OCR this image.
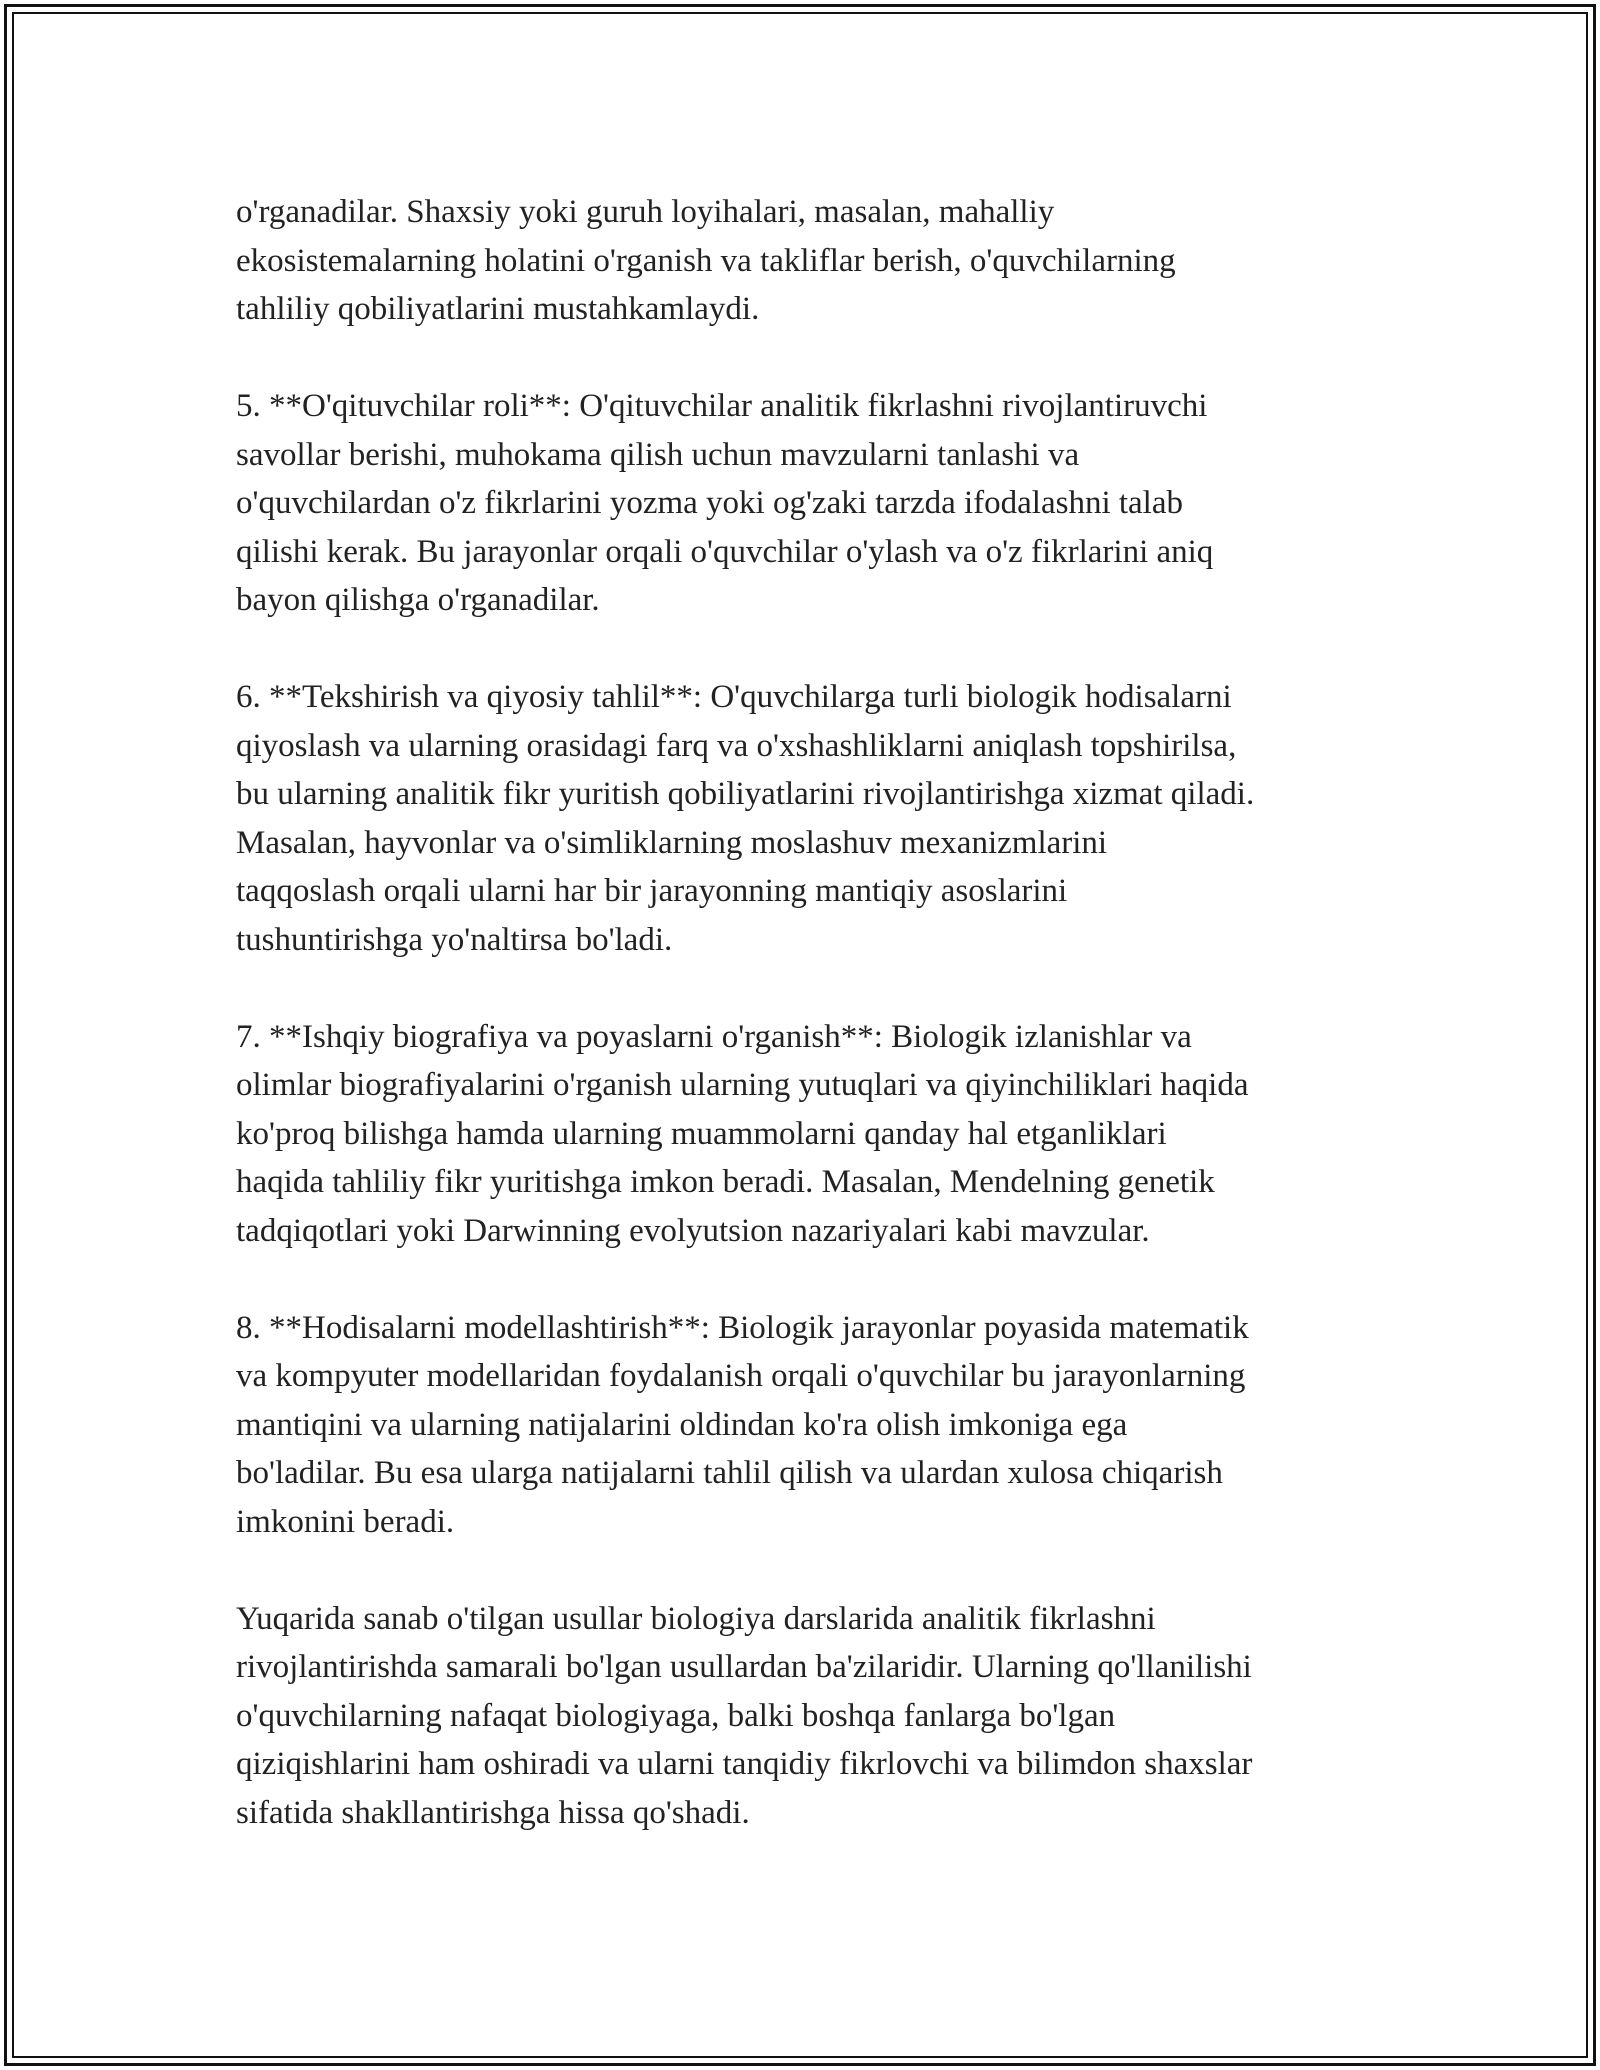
o'rganadilar. Shaxsiy yoki guruh loyihalari, masalan, mahalliy
ekosistemalarning holatini o'rganish va takliflar berish, o'quvchilarning
tahliliy qobiliyatlarini mustahkamlaydi.

5. **O'qituvchilar roli**: O'qituvchilar analitik fikrlashni rivojlantiruvchi
savollar berishi, muhokama qilish uchun mavzularni tanlashi va
o'quvchilardan o'z fikrlarini yozma yoki og'zaki tarzda ifodalashni talab
qilishi kerak. Bu jarayonlar orqali o'quvchilar o'ylash va o'z fikrlarini aniq
bayon qilishga o'rganadilar.

6. **Tekshirish va qiyosiy tahlil**: O'quvchilarga turli biologik hodisalarni
qiyoslash va ularning orasidagi farq va o'xshashliklarni aniqlash topshirilsa,
bu ularning analitik fikr yuritish qobiliyatlarini rivojlantirishga xizmat qiladi.
Masalan, hayvonlar va o'simliklarning moslashuv mexanizmlarini
taqqoslash orqali ularni har bir jarayonning mantiqiy asoslarini
tushuntirishga yo'naltirsa bo'ladi.

7. **Ishqiy biografiya va poyaslarni o'rganish**: Biologik izlanishlar va
olimlar biografiyalarini o'rganish ularning yutuqlari va qiyinchiliklari haqida
ko'proq bilishga hamda ularning muammolarni qanday hal etganliklari
haqida tahliliy fikr yuritishga imkon beradi. Masalan, Mendelning genetik
tadqiqotlari yoki Darwinning evolyutsion nazariyalari kabi mavzular.

8. **Hodisalarni modellashtirish**: Biologik jarayonlar poyasida matematik
va kompyuter modellaridan foydalanish orqali o'quvchilar bu jarayonlarning
mantiqini va ularning natijalarini oldindan ko'ra olish imkoniga ega
bo'ladilar. Bu esa ularga natijalarni tahlil qilish va ulardan xulosa chiqarish
imkonini beradi.

Yuqarida sanab o'tilgan usullar biologiya darslarida analitik fikrlashni
rivojlantirishda samarali bo'lgan usullardan ba'zilaridir. Ularning qo'llanilishi
o'quvchilarning nafaqat biologiyaga, balki boshqa fanlarga bo'lgan
qiziqishlarini ham oshiradi va ularni tanqidiy fikrlovchi va bilimdon shaxslar
sifatida shakllantirishga hissa qo'shadi.
